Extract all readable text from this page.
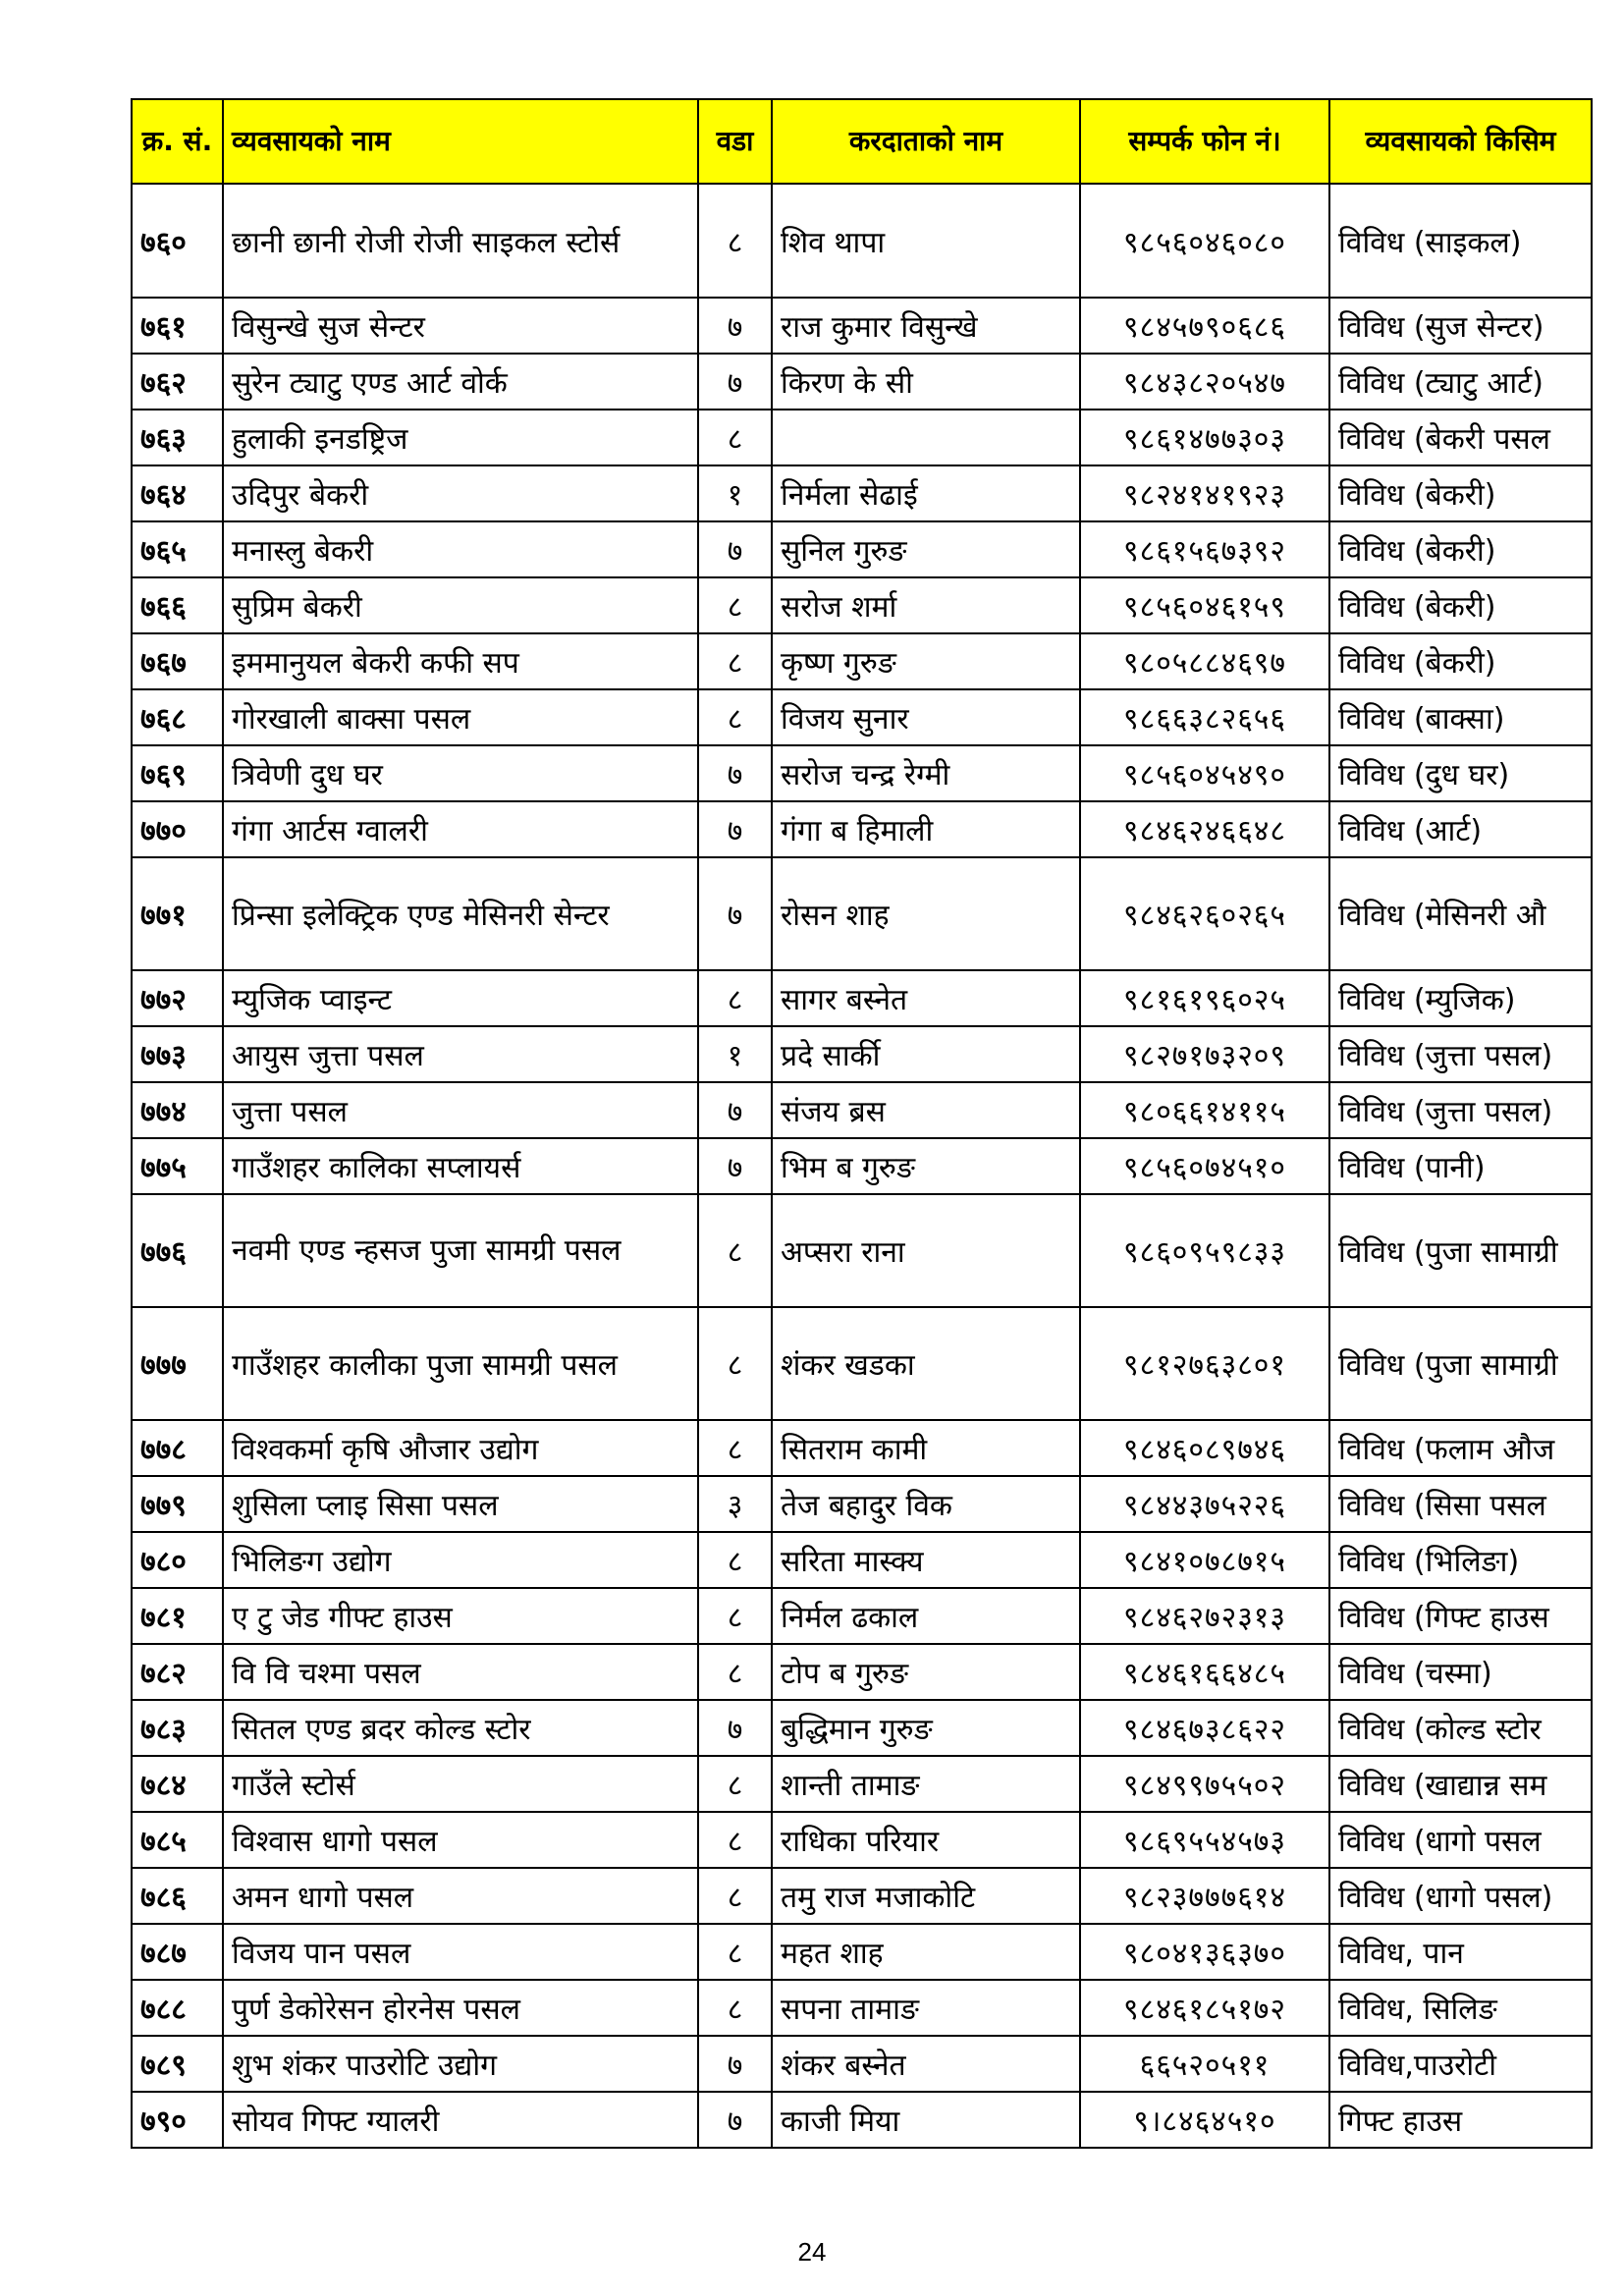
क्र. सं.	व्यवसायको नाम	वडा	करदाताको नाम	सम्पर्क फोन नं।	व्यवसायको किसिम
७६०	छानी छानी रोजी रोजी साइकल स्टोर्स	८	शिव थापा	९८५६०४६०८०	विविध (साइकल)
७६१	विसुन्खे सुज सेन्टर	७	राज कुमार विसुन्खे	९८४५७९०६८६	विविध (सुज सेन्टर)
७६२	सुरेन ट्याटु एण्ड आर्ट वोर्क	७	किरण के सी	९८४३८२०५४७	विविध (ट्याटु आर्ट)
७६३	हुलाकी इनडष्ट्रिज	८		९८६१४७७३०३	विविध (बेकरी पसल
७६४	उदिपुर बेकरी	१	निर्मला सेढाई	९८२४१४१९२३	विविध (बेकरी)
७६५	मनास्लु बेकरी	७	सुनिल गुरुङ	९८६१५६७३९२	विविध (बेकरी)
७६६	सुप्रिम बेकरी	८	सरोज शर्मा	९८५६०४६१५९	विविध (बेकरी)
७६७	इममानुयल बेकरी कफी सप	८	कृष्ण गुरुङ	९८०५८८४६९७	विविध (बेकरी)
७६८	गोरखाली बाक्सा पसल	८	विजय सुनार	९८६६३८२६५६	विविध (बाक्सा)
७६९	त्रिवेणी दुध घर	७	सरोज चन्द्र रेग्मी	९८५६०४५४९०	विविध (दुध घर)
७७०	गंगा आर्टस ग्वालरी	७	गंगा ब हिमाली	९८४६२४६६४८	विविध (आर्ट)
७७१	प्रिन्सा इलेक्ट्रिक एण्ड मेसिनरी सेन्टर	७	रोसन शाह	९८४६२६०२६५	विविध (मेसिनरी औ
७७२	म्युजिक प्वाइन्ट	८	सागर बस्नेत	९८१६१९६०२५	विविध (म्युजिक)
७७३	आयुस जुत्ता पसल	१	प्रदे सार्की	९८२७१७३२०९	विविध (जुत्ता पसल)
७७४	जुत्ता पसल	७	संजय ब्रस	९८०६६१४११५	विविध (जुत्ता पसल)
७७५	गाउँशहर कालिका सप्लायर्स	७	भिम ब गुरुङ	९८५६०७४५१०	विविध (पानी)
७७६	नवमी एण्ड न्हसज पुजा सामग्री पसल	८	अप्सरा राना	९८६०९५९८३३	विविध (पुजा सामाग्री
७७७	गाउँशहर कालीका पुजा सामग्री पसल	८	शंकर खडका	९८१२७६३८०१	विविध (पुजा सामाग्री
७७८	विश्वकर्मा कृषि औजार उद्योग	८	सितराम कामी	९८४६०८९७४६	विविध (फलाम औज
७७९	शुसिला प्लाइ सिसा पसल	३	तेज बहादुर विक	९८४४३७५२२६	विविध (सिसा पसल
७८०	भिलिङग उद्योग	८	सरिता मास्क्य	९८४१०७८७१५	विविध (भिलिङा)
७८१	ए टु जेड गीफ्ट हाउस	८	निर्मल ढकाल	९८४६२७२३१३	विविध (गिफ्ट हाउस
७८२	वि वि चश्मा पसल	८	टोप ब गुरुङ	९८४६१६६४८५	विविध (चस्मा)
७८३	सितल एण्ड ब्रदर कोल्ड स्टोर	७	बुद्धिमान गुरुङ	९८४६७३८६२२	विविध (कोल्ड स्टोर
७८४	गाउँले स्टोर्स	८	शान्ती तामाङ	९८४९९७५५०२	विविध (खाद्यान्न सम
७८५	विश्वास धागो पसल	८	राधिका परियार	९८६९५५४५७३	विविध (धागो पसल
७८६	अमन धागो पसल	८	तमु राज मजाकोटि	९८२३७७७६१४	विविध (धागो पसल)
७८७	विजय पान पसल	८	महत शाह	९८०४१३६३७०	विविध, पान
७८८	पुर्ण डेकोरेसन होरनेस पसल	८	सपना तामाङ	९८४६१८५१७२	विविध, सिलिङ
७८९	शुभ शंकर पाउरोटि उद्योग	७	शंकर बस्नेत	६६५२०५११	विविध,पाउरोटी
७९०	सोयव गिफ्ट ग्यालरी	७	काजी मिया	९।८४६४५१०	गिफ्ट हाउस
24
